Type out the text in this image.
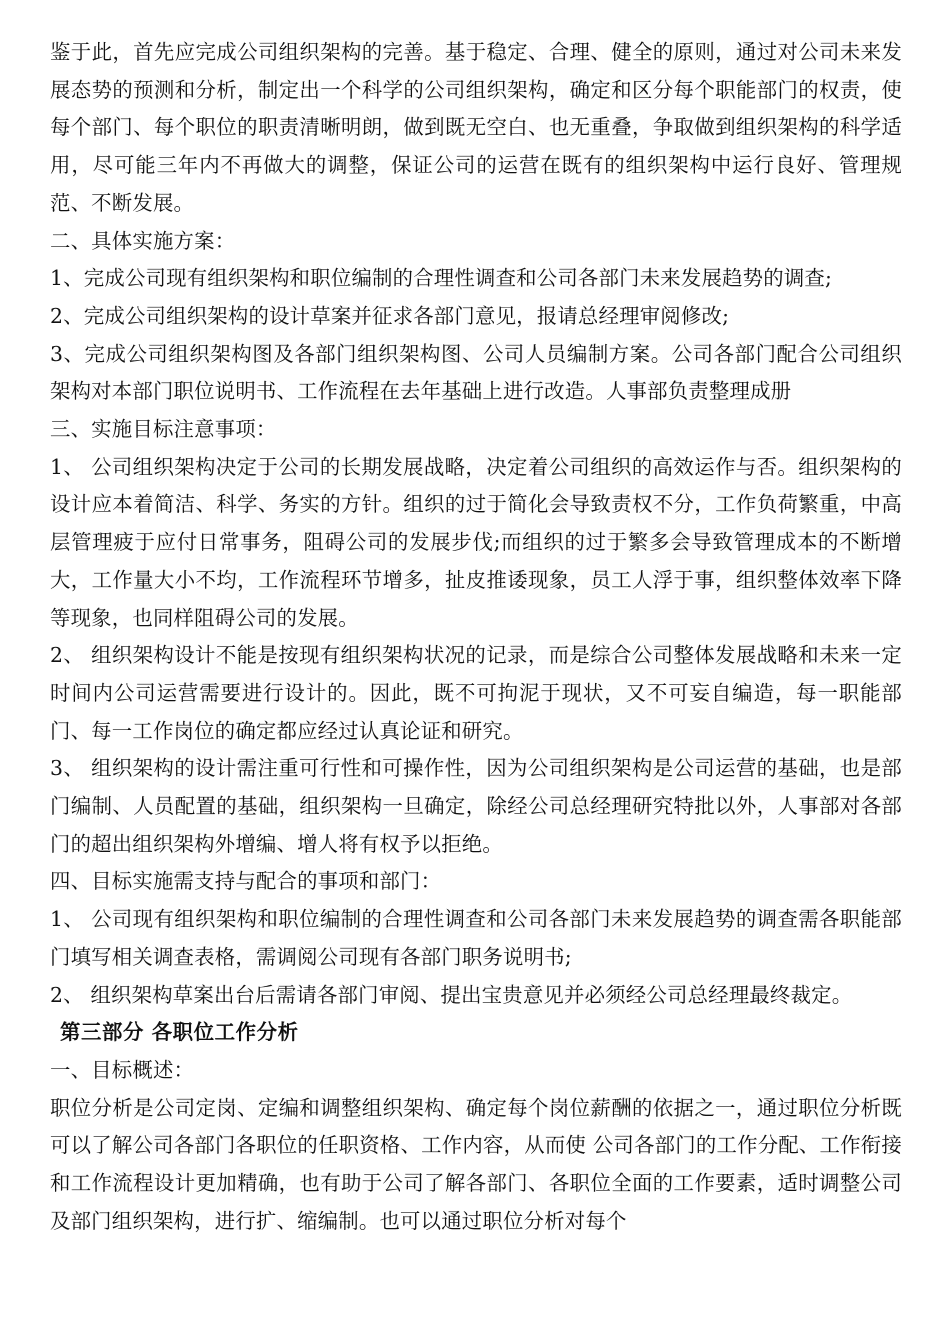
鉴于此，首先应完成公司组织架构的完善。基于稳定、合理、健全的原则，通过对公司未来发展态势的预测和分析，制定出一个科学的公司组织架构，确定和区分每个职能部门的权责，使每个部门、每个职位的职责清晰明朗，做到既无空白、也无重叠，争取做到组织架构的科学适用，尽可能三年内不再做大的调整，保证公司的运营在既有的组织架构中运行良好、管理规范、不断发展。

二、具体实施方案：

1、完成公司现有组织架构和职位编制的合理性调查和公司各部门未来发展趋势的调查;

2、完成公司组织架构的设计草案并征求各部门意见，报请总经理审阅修改;

3、完成公司组织架构图及各部门组织架构图、公司人员编制方案。公司各部门配合公司组织架构对本部门职位说明书、工作流程在去年基础上进行改造。人事部负责整理成册

三、实施目标注意事项：

1、 公司组织架构决定于公司的长期发展战略，决定着公司组织的高效运作与否。组织架构的设计应本着简洁、科学、务实的方针。组织的过于简化会导致责权不分，工作负荷繁重，中高层管理疲于应付日常事务，阻碍公司的发展步伐;而组织的过于繁多会导致管理成本的不断增大，工作量大小不均，工作流程环节增多，扯皮推诿现象，员工人浮于事，组织整体效率下降等现象，也同样阻碍公司的发展。

2、 组织架构设计不能是按现有组织架构状况的记录，而是综合公司整体发展战略和未来一定时间内公司运营需要进行设计的。因此，既不可拘泥于现状，又不可妄自编造，每一职能部门、每一工作岗位的确定都应经过认真论证和研究。

3、 组织架构的设计需注重可行性和可操作性，因为公司组织架构是公司运营的基础，也是部门编制、人员配置的基础，组织架构一旦确定，除经公司总经理研究特批以外，人事部对各部门的超出组织架构外增编、增人将有权予以拒绝。

四、目标实施需支持与配合的事项和部门：

1、 公司现有组织架构和职位编制的合理性调查和公司各部门未来发展趋势的调查需各职能部门填写相关调查表格，需调阅公司现有各部门职务说明书;

2、 组织架构草案出台后需请各部门审阅、提出宝贵意见并必须经公司总经理最终裁定。

第三部分 各职位工作分析

一、目标概述：

职位分析是公司定岗、定编和调整组织架构、确定每个岗位薪酬的依据之一，通过职位分析既可以了解公司各部门各职位的任职资格、工作内容，从而使 公司各部门的工作分配、工作衔接和工作流程设计更加精确，也有助于公司了解各部门、各职位全面的工作要素，适时调整公司及部门组织架构，进行扩、缩编制。也可以通过职位分析对每个
